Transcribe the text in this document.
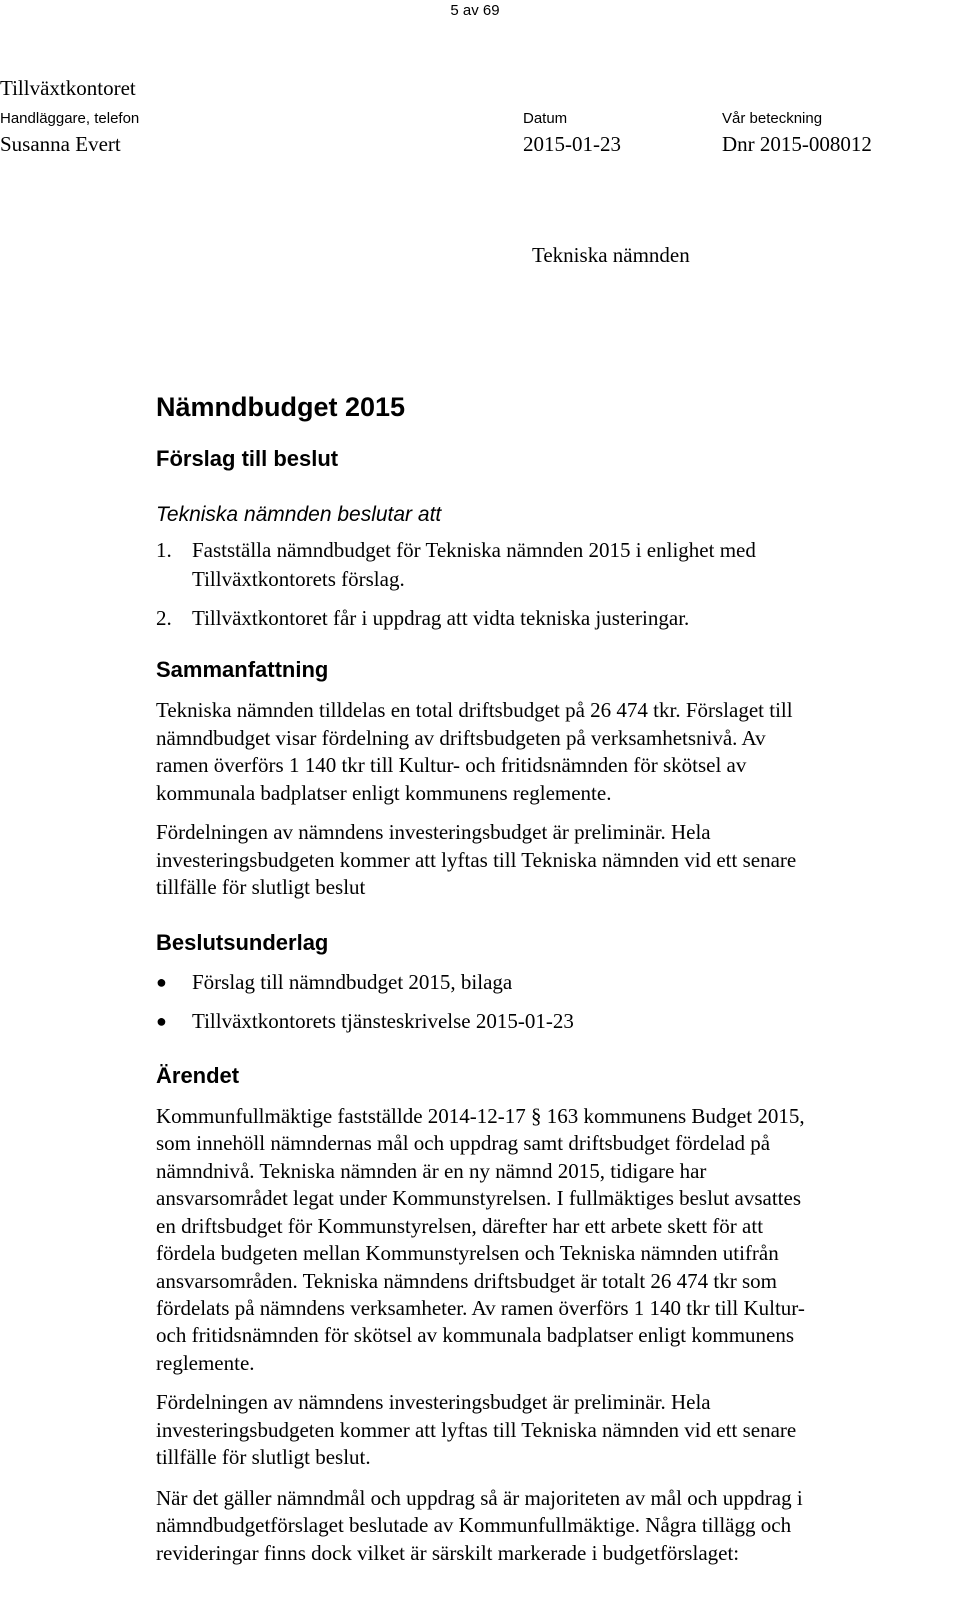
5 av 69
Tillväxtkontoret
Handläggare, telefon	Datum	Vår beteckning
Susanna Evert	2015-01-23	Dnr 2015-008012
Tekniska nämnden
Nämndbudget 2015
Förslag till beslut
Tekniska nämnden beslutar att
1. Fastställa nämndbudget för Tekniska nämnden 2015 i enlighet med
Tillväxtkontorets förslag.
2. Tillväxtkontoret får i uppdrag att vidta tekniska justeringar.
Sammanfattning
Tekniska nämnden tilldelas en total driftsbudget på 26 474 tkr. Förslaget till
nämndbudget visar fördelning av driftsbudgeten på verksamhetsnivå. Av
ramen överförs 1 140 tkr till Kultur- och fritidsnämnden för skötsel av
kommunala badplatser enligt kommunens reglemente.
Fördelningen av nämndens investeringsbudget är preliminär. Hela
investeringsbudgeten kommer att lyftas till Tekniska nämnden vid ett senare
tillfälle för slutligt beslut
Beslutsunderlag
● Förslag till nämndbudget 2015, bilaga
● Tillväxtkontorets tjänsteskrivelse 2015-01-23
Ärendet
Kommunfullmäktige fastställde 2014-12-17 § 163 kommunens Budget 2015,
som innehöll nämndernas mål och uppdrag samt driftsbudget fördelad på
nämndnivå. Tekniska nämnden är en ny nämnd 2015, tidigare har
ansvarsområdet legat under Kommunstyrelsen. I fullmäktiges beslut avsattes
en driftsbudget för Kommunstyrelsen, därefter har ett arbete skett för att
fördela budgeten mellan Kommunstyrelsen och Tekniska nämnden utifrån
ansvarsområden. Tekniska nämndens driftsbudget är totalt 26 474 tkr som
fördelats på nämndens verksamheter. Av ramen överförs 1 140 tkr till Kultur-
och fritidsnämnden för skötsel av kommunala badplatser enligt kommunens
reglemente.
Fördelningen av nämndens investeringsbudget är preliminär. Hela
investeringsbudgeten kommer att lyftas till Tekniska nämnden vid ett senare
tillfälle för slutligt beslut.
När det gäller nämndmål och uppdrag så är majoriteten av mål och uppdrag i
nämndbudgetförslaget beslutade av Kommunfullmäktige. Några tillägg och
revideringar finns dock vilket är särskilt markerade i budgetförslaget:
